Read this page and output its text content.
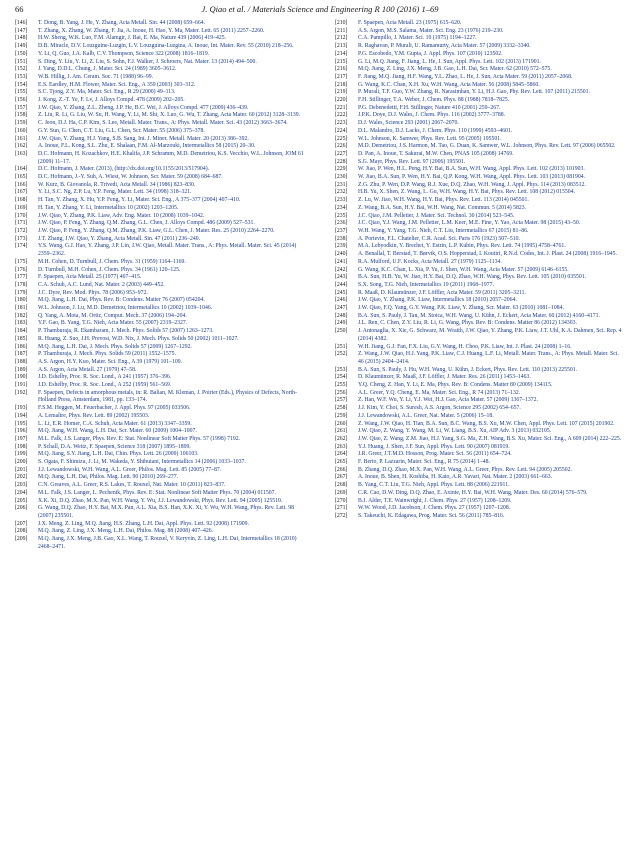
66	J. Qiao et al. / Materials Science and Engineering R 100 (2016) 1–69
[146]	T. Dong, B. Yang, J. He, Y. Zhang, Acta Metall. Sin. 44 (2008) 659–664.
[147]	T. Zhang, X. Zhang, W. Zhang, F. Jia, A. Inoue, H. Hao, Y. Ma, Mater. Lett. 65 (2011) 2257–2260.
[148]	H.W. Sheng, W.K. Luo, F.M. Alamgir, J. Bai, E. Ma, Nature 439 (2006) 419–425.
[149]	D.B. Miracle, D.V. Louzguine-Luzgin, L.V. Louzguina-Luzgina, A. Inoue, Int. Mater. Rev. 55 (2010) 218–256.
[150]	Y. Li, Q. Guo, J.A. Kalb, C.V. Thompson, Science 322 (2008) 1816–1819.
[151]	S. Ding, Y. Liu, Y. Li, Z. Liu, S. Sohn, F.J. Walker, J. Schroers, Nat. Mater. 13 (2014) 494–500.
[152]	J. Yang, D.D.L. Chung, J. Mater. Sci. 24 (1989) 3605–3612.
[153]	W.B. Hillig, J. Am. Ceram. Soc. 71 (1988) 96–99.
[154]	E.S. Eardley, H.M. Flower, Mater. Sci. Eng., A 359 (2003) 303–312.
[155]	S.C. Tjong, Z.Y. Ma, Mater. Sci. Eng., R 29 (2000) 49–113.
[156]	J. Kong, Z.-T. Ye, F. Lv, J. Alloys Compd. 478 (2009) 202–205.
[157]	J.W. Qiao, Y. Zhang, Z.L. Zheng, J.P. He, B.C. Wei, J. Alloys Compd. 477 (2009) 436–439.
[158]	Z. Liu, R. Li, G. Liu, W. Su, H. Wang, Y. Li, M. Shi, X. Luo, G. Wu, T. Zhang, Acta Mater. 60 (2012) 3128–3139.
[159]	C. Jeon, D.J. Ha, C.P. Kim, S. Lee, Metall. Mater. Trans., A: Phys. Metall. Mater. Sci. 43 (2012) 3663–3674.
[160]	G.Y. Sun, G. Chen, C.T. Liu, G.L. Chen, Scr. Mater. 55 (2006) 375–378.
[161]	J.W. Qiao, Y. Zhang, H.J. Yang, S.B. Sang, Int. J. Miner. Metall. Mater. 20 (2013) 386–392.
[162]	A. Inoue, F.L. Kong, S.L. Zhu, E. Shalaan, F.M. Al-Marzouki, Intermetallics 58 (2015) 20–30.
[163]	D.C. Hofmann, H. Kozachkov, H.E. Khalifa, J.P. Schramm, M.D. Demetriou, K.S. Vecchio, W.L. Johnson, JOM 61 (2009) 11–17.
[164]	D.C. Hofmann, J. Mater. (2013), (http://dx.doi.org/10.1155/2013/517904).
[165]	D.C. Hofmann, J.-Y. Suh, A. Wiest, W. Johnson, Scr. Mater. 59 (2008) 684–687.
[166]	W. Kurz, B. Giovanola, R. Trivedi, Acta Metall. 34 (1986) 823–830.
[167]	Y. Li, S.C. Ng, Z.P. Lu, Y.P. Feng, Mater. Lett. 34 (1998) 318–321.
[168]	H. Tan, Y. Zhang, X. Hu, Y.P. Feng, Y. Li, Mater. Sci. Eng., A 375–377 (2004) 407–410.
[169]	H. Tan, Y. Zhang, Y. Li, Intermetallics 10 (2002) 1203–1205.
[170]	J.W. Qiao, Y. Zhang, P.K. Liaw, Adv. Eng. Mater. 10 (2008) 1039–1042.
[171]	J.W. Qiao, P. Feng, Y. Zhang, Q.M. Zhang, G.L. Chen, J. Alloys Compd. 486 (2009) 527–531.
[172]	J.W. Qiao, P. Feng, Y. Zhang, Q.M. Zhang, P.K. Liaw, G.L. Chen, J. Mater. Res. 25 (2010) 2264–2270.
[173]	J.T. Zhang, J.W. Qiao, Y. Zhang, Acta Metall. Sin. 47 (2011) 236–240.
[174]	Y.S. Wang, G.J. Hao, Y. Zhang, J.P. Lin, J.W. Qiao, Metall. Mater. Trans., A: Phys. Metall. Mater. Sci. 45 (2014) 2359–2362.
[175]	M.H. Cohen, D. Turnbull, J. Chem. Phys. 31 (1959) 1164–1169.
[176]	D. Turnbull, M.H. Cohen, J. Chem. Phys. 34 (1961) 120–125.
[177]	F. Spaepen, Acta Metall. 25 (1977) 407–415.
[178]	C.A. Schuh, A.C. Lund, Nat. Mater. 2 (2003) 449–452.
[179]	J.C. Dyre, Rev. Mod. Phys. 78 (2006) 953–972.
[180]	M.Q. Jiang, L.H. Dai, Phys. Rev. B: Condens. Matter 76 (2007) 054204.
[181]	W.L. Johnson, J. Lu, M.D. Demetriou, Intermetallics 10 (2002) 1039–1046.
[182]	Q. Yang, A. Mota, M. Ortiz, Comput. Mech. 37 (2006) 194–204.
[183]	Y.F. Gao, B. Yang, T.G. Nieh, Acta Mater. 55 (2007) 2319–2327.
[184]	P. Thamburaja, R. Ekambaram, J. Mech. Phys. Solids 57 (2007) 1263–1273.
[185]	R. Huang, Z. Suo, J.H. Prevost, W.D. Nix, J. Mech. Phys. Solids 50 (2002) 1011–1027.
[186]	M.Q. Jiang, L.H. Dai, J. Mech. Phys. Solids 57 (2009) 1267–1292.
[187]	P. Thamburaja, J. Mech. Phys. Solids 59 (2011) 1552–1575.
[188]	A.S. Argon, H.Y. Kuo, Mater. Sci. Eng., A 39 (1979) 101–109.
[189]	A.S. Argon, Acta Metall. 27 (1979) 47–58.
[190]	J.D. Eshelby, Proc. R. Soc. Lond., A 241 (1957) 376–396.
[191]	J.D. Eshelby, Proc. R. Soc. Lond., A 252 (1959) 561–569.
[192]	F. Spaepen, Defects in amorphous metals, in: R. Balian, M. Kleman, J. Poirier (Eds.), Physics of Defects, North-Holland Press, Amsterdam, 1981, pp. 133–174.
[193]	F.S.M. Heggen, M. Feuerbacher, J. Appl. Phys. 97 (2005) 033506.
[194]	A. Lemaître, Phys. Rev. Lett. 89 (2002) 195503.
[195]	L. Li, E.R. Homer, C.A. Schuh, Acta Mater. 61 (2013) 3347–3359.
[196]	M.Q. Jiang, W.H. Wang, L.H. Dai, Scr. Mater. 60 (2009) 1004–1007.
[197]	M.L. Falk, J.S. Langer, Phys. Rev. E: Stat. Nonlinear Soft Matter Phys. 57 (1998) 7192.
[198]	P. Schall, D.A. Weitz, F. Spaepen, Science 318 (2007) 1895–1899.
[199]	M.Q. Jiang, S.Y. Jiang, L.H. Dai, Chin. Phys. Lett. 26 (2009) 106103.
[200]	S. Ogata, F. Shimizu, J. Li, M. Wakeda, Y. Shibutani, Intermetallics 14 (2006) 1033–1037.
[201]	J.J. Lewandowski, W.H. Wang, A.L. Greer, Philos. Mag. Lett. 85 (2005) 77–87.
[202]	M.Q. Jiang, L.H. Dai, Philos. Mag. Lett. 90 (2010) 269–277.
[203]	C.N. Greaves, A.L. Greer, R.S. Lakes, T. Rouxel, Nat. Mater. 10 (2011) 823–837.
[204]	M.L. Falk, J.S. Langer, L. Pechenik, Phys. Rev. E: Stat. Nonlinear Soft Matter Phys. 70 (2004) 011507.
[205]	X.K. Xi, D.Q. Zhao, M.X. Pan, W.H. Wang, Y. Wu, J.J. Lewandowski, Phys. Rev. Lett. 94 (2005) 125510.
[206]	G. Wang, D.Q. Zhao, H.Y. Bai, M.X. Pan, A.L. Xia, B.S. Han, X.K. Xi, Y. Wu, W.H. Wang, Phys. Rev. Lett. 98 (2007) 235501.
[207]	J.X. Meng, Z. Ling, M.Q. Jiang, H.S. Zhang, L.H. Dai, Appl. Phys. Lett. 92 (2008) 171909.
[208]	M.Q. Jiang, Z. Ling, J.X. Meng, L.H. Dai, Philos. Mag. 88 (2008) 407–426.
[209]	M.Q. Jiang, J.X. Meng, J.B. Gao, X.L. Wang, T. Rouxel, V. Keryvin, Z. Ling, L.H. Dai, Intermetallics 18 (2010) 2468–2471.
[210]	F. Spaepen, Acta Metall. 23 (1975) 615–620.
[211]	A.S. Argon, M.S. Salama, Mater. Sci. Eng. 23 (1976) 219–230.
[212]	C.A. Pampillo, J. Mater. Sci. 10 (1975) 1194–1227.
[213]	R. Raghavan, P. Murali, U. Ramamurty, Acta Mater. 57 (2009) 3332–3340.
[214]	P.G. Escobedo, Y.M. Gupta, J. Appl. Phys. 107 (2010) 123502.
[215]	G. Li, M.Q. Jiang, F. Jiang, L. He, J. Sun, Appl. Phys. Lett. 102 (2013) 171901.
[216]	M.Q. Jiang, Z. Ling, J.X. Meng, J.B. Gao, L.H. Dai, Scr. Mater. 62 (2010) 572–575.
[217]	F. Jiang, M.Q. Jiang, H.F. Wang, Y.L. Zhao, L. He, J. Sun, Acta Mater. 59 (2011) 2057–2068.
[218]	G. Wang, K.C. Chan, X.H. Xu, W.H. Wang, Acta Mater. 56 (2008) 5845–5860.
[219]	P. Murali, T.F. Guo, Y.W. Zhang, R. Narasimhan, Y. Li, H.J. Gao, Phy. Rev. Lett. 107 (2011) 215501.
[220]	F.H. Stillinger, T.A. Weber, J. Chem. Phys. 88 (1988) 7818–7825.
[221]	P.G. Debenedetti, F.H. Stillinger, Nature 410 (2001) 259–267.
[222]	J.P.K. Doye, D.J. Wales, J. Chem. Phys. 116 (2002) 3777–3788.
[223]	D.J. Wales, Science 293 (2001) 2067–2070.
[224]	D.L. Malandro, D.J. Lacks, J. Chem. Phys. 110 (1999) 4593–4601.
[225]	W.L. Johnson, K. Samwer, Phys. Rev. Lett. 95 (2005) 195501.
[226]	M.D. Demetriou, J.S. Harmon, M. Tao, G. Duan, K. Samwer, W.L. Johnson, Phys. Rev. Lett. 97 (2006) 065502.
[227]	D. Pan, A. Inoue, T. Sakurai, M.W. Chen, PNAS 105 (2008) 14769.
[228]	S.G. Mayr, Phys. Rev. Lett. 97 (2006) 195501.
[229]	W. Jiao, P. Wen, H.L. Peng, H.Y. Bai, B.A. Sun, W.H. Wang, Appl. Phys. Lett. 102 (2013) 101903.
[230]	W. Jiao, B.A. Sun, P. Wen, H.Y. Bai, Q.P. Kong, W.H. Wang, Appl. Phys. Lett. 103 (2013) 081904.
[231]	Z.G. Zhu, P. Wen, D.P. Wang, R.J. Xue, D.Q. Zhao, W.H. Wang, J. Appl. Phys. 114 (2013) 083512.
[232]	H.B. Yu, X. Shen, Z. Wang, L. Gu, W.H. Wang, H.Y. Bai, Phys. Rev. Lett. 108 (2012) 015504.
[233]	Z. Lu, W. Jiao, W.H. Wang, H.Y. Bai, Phys. Rev. Lett. 113 (2014) 045501.
[234]	Z. Wang, B.A. Sun, H.Y. Bai, W.H. Wang, Nat. Commun. 5 (2014) 5823.
[235]	J.C. Qiao, J.M. Pelletier, J. Mater. Sci. Technol. 30 (2014) 523–545.
[236]	J.C. Qiao, Y.J. Wang, J.M. Pelletier, L.M. Keer, M.E. Fine, Y. Yao, Acta Mater. 98 (2015) 43–50.
[237]	W.H. Wang, Y. Yang, T.G. Nieh, C.T. Liu, Intermetallics 67 (2015) 81–86.
[238]	A. Portevin, F.L. Chatelier, C.R. Acad. Sci. Paris 176 (1923) 507–510.
[239]	M.A. Lebyodkin, Y. Brechet, Y. Estrin, L.P. Kubin, Phys. Rev. Lett. 74 (1995) 4758–4761.
[240]	A. Benallal, T. Berstad, T. Børvik, O.S. Hopperstad, I. Koutiri, R.N.d. Codes, Int. J. Plast. 24 (2008) 1916–1945.
[241]	R.A. Mulford, U.F. Kocks, Acta Metall. 27 (1979) 1125–1134.
[242]	G. Wang, K.C. Chan, L. Xia, P. Yu, J. Shen, W.H. Wang, Acta Mater. 57 (2009) 6146–6155.
[243]	B.A. Sun, H.B. Yu, W. Jiao, H.Y. Bai, D.Q. Zhao, W.H. Wang, Phys. Rev. Lett. 105 (2010) 035501.
[244]	S.X. Song, T.G. Nieh, Intermetallics 19 (2011) 1968–1977.
[245]	R. Maaß, D. Klaumünzer, J.F. Löffler, Acta Mater. 59 (2011) 3205–3211.
[246]	J.W. Qiao, Y. Zhang, P.K. Liaw, Intermetallics 18 (2010) 2057–2064.
[247]	J.W. Qiao, F.Q. Yang, G.Y. Wang, P.K. Liaw, Y. Zhang, Scr. Mater. 63 (2010) 1081–1084.
[248]	B.A. Sun, S. Pauly, J. Tan, M. Stoica, W.H. Wang, U. Kühn, J. Eckert, Acta Mater. 60 (2012) 4160–4171.
[249]	J.L. Ren, C. Chen, Z.Y. Liu, R. Li, G. Wang, Phys. Rev. B: Condens. Matter 86 (2012) 134303.
[250]	J. Antonaglia, X. Xie, G. Schwarz, M. Wraith, J.W. Qiao, Y. Zhang, P.K. Liaw, J.T. Uhl, K.A. Dahmen, Sci. Rep. 4 (2014) 4382.
[251]	W.H. Jiang, G.J. Fan, F.X. Liu, G.Y. Wang, H. Choo, P.K. Liaw, Int. J. Plast. 24 (2008) 1–16.
[252]	Z. Wang, J.W. Qiao, H.J. Yang, P.K. Liaw, C.J. Huang, L.F. Li, Metall. Mater. Trans., A: Phys. Metall. Mater. Sci. 46 (2015) 2404–2414.
[253]	B.A. Sun, S. Pauly, J. Hu, W.H. Wang, U. Kühn, J. Eckert, Phys. Rev. Lett. 110 (2013) 225501.
[254]	D. Klaumünzer, R. Maaß, J.F. Löffler, J. Mater. Res. 26 (2011) 1453–1463.
[255]	Y.Q. Cheng, Z. Han, Y. Li, E. Ma, Phys. Rev. B: Condens. Matter 80 (2009) 134115.
[256]	A.L. Greer, Y.Q. Cheng, E. Ma, Mater. Sci. Eng., R 74 (2013) 71–132.
[257]	Z. Han, W.F. Wu, Y. Li, Y.J. Wei, H.J. Gao, Acta Mater. 57 (2009) 1367–1372.
[258]	J.J. Kim, Y. Choi, S. Suresh, A.S. Argon, Science 295 (2002) 654–657.
[259]	J.J. Lewandowski, A.L. Greer, Nat. Mater. 5 (2006) 15–18.
[260]	Z. Wang, J.W. Qiao, H. Tian, B.A. Sun, B.C. Wang, B.S. Xu, M.W. Chen, Appl. Phys. Lett. 107 (2015) 201902.
[261]	J.W. Qiao, Z. Wang, Y. Wang, M. Li, W. Liang, B.S. Xu, AIP Adv. 3 (2013) 032105.
[262]	J.W. Qiao, Z. Wang, Z.M. Jiao, H.J. Yang, S.G. Ma, Z.H. Wang, B.S. Xu, Mater. Sci. Eng., A 609 (2014) 222–225.
[263]	Y.J. Huang, J. Shen, J.F. Sun, Appl. Phys. Lett. 90 (2007) 081919.
[264]	J.R. Greer, J.T.M.D. Hosson, Prog. Mater. Sci. 56 (2011) 654–724.
[265]	F. Berto, P. Lazzarin, Mater. Sci. Eng., R 75 (2014) 1–48.
[266]	B. Zhang, D.Q. Zhao, M.X. Pan, W.H. Wang, A.L. Greer, Phys. Rev. Lett. 94 (2005) 205502.
[267]	A. Inoue, B. Shen, H. Koshiba, H. Kato, A.R. Yavari, Nat. Mater. 2 (2003) 661–663.
[268]	B. Yang, C.T. Liu, T.G. Nieh, Appl. Phys. Lett. 88 (2006) 221911.
[269]	C.R. Cao, D.W. Ding, D.Q. Zhao, E. Axinte, H.Y. Bai, W.H. Wang, Mater. Des. 60 (2014) 576–579.
[270]	B.J. Alder, T.E. Wainwright, J. Chem. Phys. 27 (1957) 1208–1209.
[271]	W.W. Wood, J.D. Jacobson, J. Chem. Phys. 27 (1957) 1207–1208.
[272]	S. Takeuchi, K. Edagawa, Prog. Mater. Sci. 56 (2011) 785–816.
